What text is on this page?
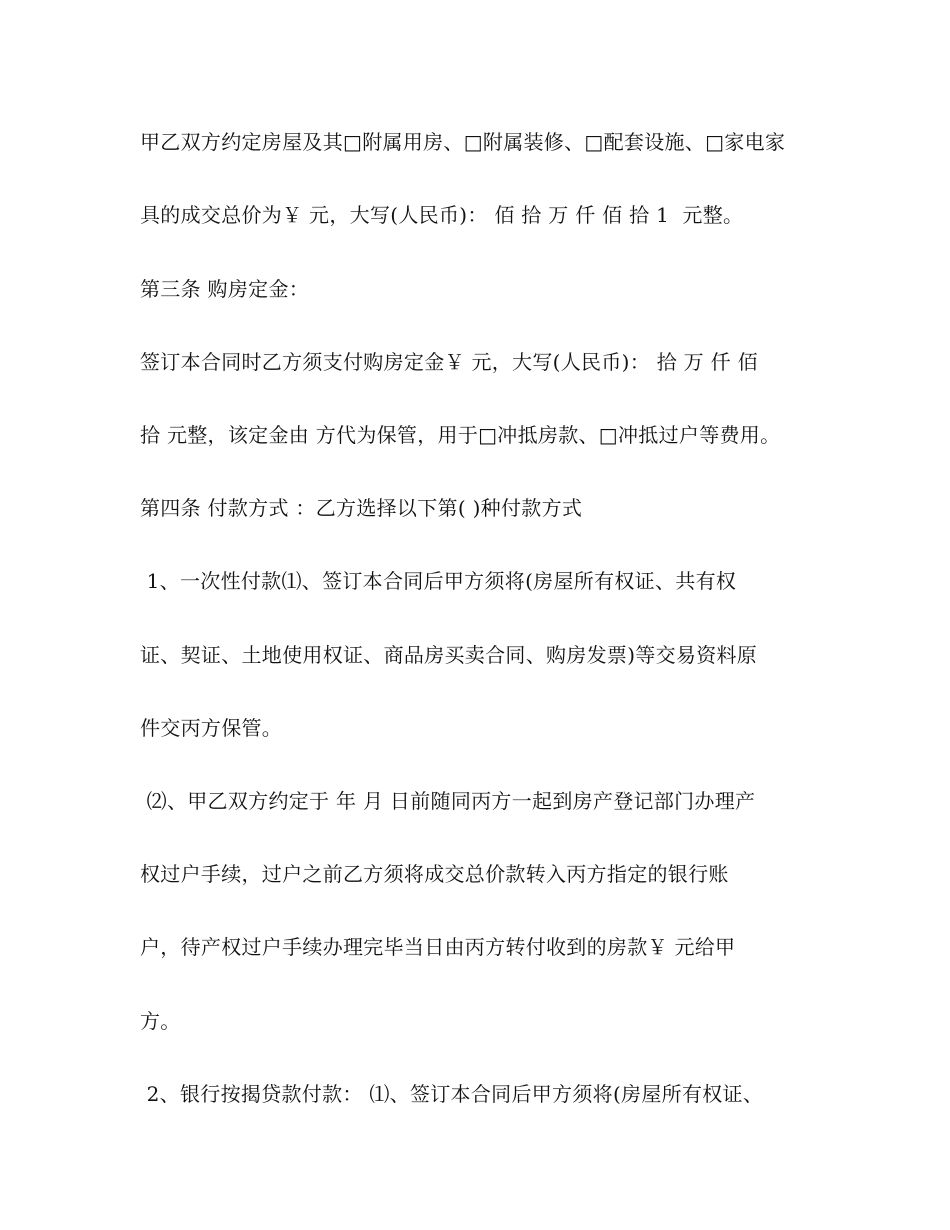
甲乙双方约定房屋及其□附属用房、□附属装修、□配套设施、□家电家
具的成交总价为￥ 元，大写(人民币)： 佰 拾 万 仟 佰 拾 1  元整。
第三条 购房定金：
签订本合同时乙方须支付购房定金￥ 元，大写(人民币)： 拾 万 仟 佰
拾 元整，该定金由 方代为保管，用于□冲抵房款、□冲抵过户等费用。
第四条 付款方式 ：乙方选择以下第( )种付款方式
1、一次性付款⑴、签订本合同后甲方须将(房屋所有权证、共有权
证、契证、土地使用权证、商品房买卖合同、购房发票)等交易资料原
件交丙方保管。
⑵、甲乙双方约定于 年 月 日前随同丙方一起到房产登记部门办理产
权过户手续，过户之前乙方须将成交总价款转入丙方指定的银行账
户，待产权过户手续办理完毕当日由丙方转付收到的房款￥ 元给甲
方。
2、银行按揭贷款付款： ⑴、签订本合同后甲方须将(房屋所有权证、
